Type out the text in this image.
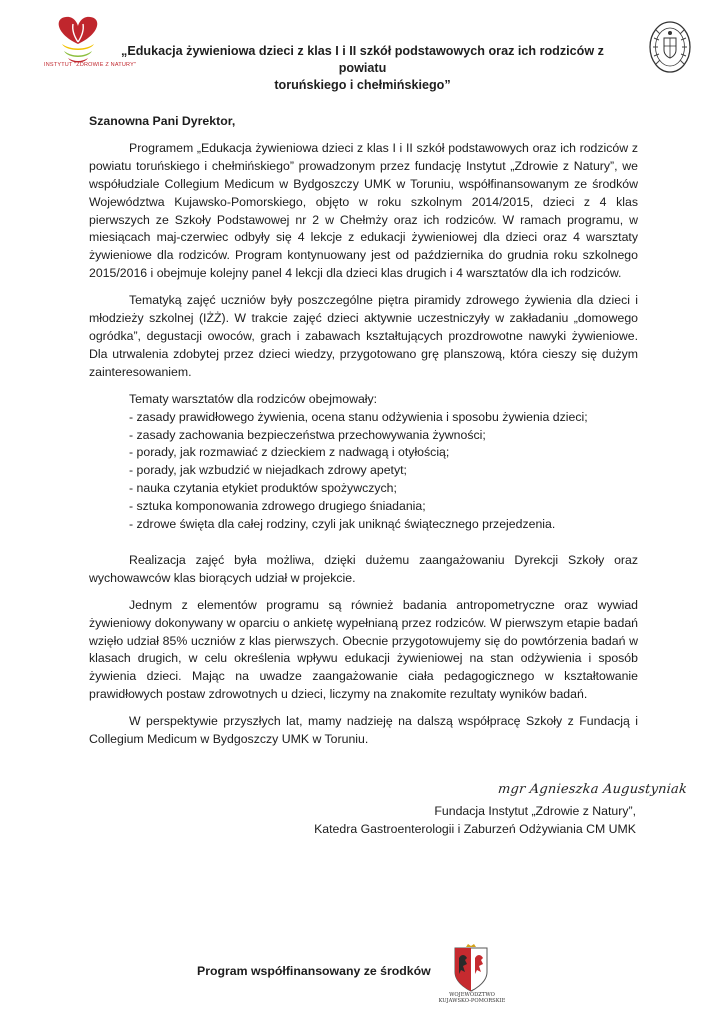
INSTYTUT "ZDROWIE Z NATURY"
„Edukacja żywieniowa dzieci z klas I i II szkół podstawowych oraz ich rodziców z powiatu
toruńskiego i chełmińskiego”

Szanowna Pani Dyrektor,

Programem „Edukacja żywieniowa dzieci z klas I i II szkół podstawowych oraz ich rodziców z powiatu toruńskiego i chełmińskiego” prowadzonym przez fundację Instytut „Zdrowie z Natury”, we współudziale Collegium Medicum w Bydgoszczy UMK w Toruniu, współfinansowanym ze środków Województwa Kujawsko-Pomorskiego, objęto w roku szkolnym 2014/2015, dzieci z 4 klas pierwszych ze Szkoły Podstawowej nr 2 w Chełmży oraz ich rodziców. W ramach programu, w miesiącach maj-czerwiec odbyły się 4 lekcje z edukacji żywieniowej dla dzieci oraz 4 warsztaty żywieniowe dla rodziców. Program kontynuowany jest od października do grudnia roku szkolnego 2015/2016 i obejmuje kolejny panel 4 lekcji dla dzieci klas drugich i 4 warsztatów dla ich rodziców.

Tematyką zajęć uczniów były poszczególne piętra piramidy zdrowego żywienia dla dzieci i młodzieży szkolnej (IŻŻ). W trakcie zajęć dzieci aktywnie uczestniczyły w zakładaniu „domowego ogródka”, degustacji owoców, grach i zabawach kształtujących prozdrowotne nawyki żywieniowe. Dla utrwalenia zdobytej przez dzieci wiedzy, przygotowano grę planszową, która cieszy się dużym zainteresowaniem.

Tematy warsztatów dla rodziców obejmowały:

- zasady prawidłowego żywienia, ocena stanu odżywienia i sposobu żywienia dzieci;

- zasady zachowania bezpieczeństwa przechowywania żywności;

- porady, jak rozmawiać z dzieckiem z nadwagą i otyłością;

- porady, jak wzbudzić w niejadkach zdrowy apetyt;

- nauka czytania etykiet produktów spożywczych;

- sztuka komponowania zdrowego drugiego śniadania;

- zdrowe święta dla całej rodziny, czyli jak uniknąć świątecznego przejedzenia.

Realizacja zajęć była możliwa, dzięki dużemu zaangażowaniu Dyrekcji Szkoły oraz wychowawców klas biorących udział w projekcie.

Jednym z elementów programu są również badania antropometryczne oraz wywiad żywieniowy dokonywany w oparciu o ankietę wypełnianą przez rodziców. W pierwszym etapie badań wzięło udział 85% uczniów z klas pierwszych. Obecnie przygotowujemy się do powtórzenia badań w klasach drugich, w celu określenia wpływu edukacji żywieniowej na stan odżywienia i sposób żywienia dzieci. Mając na uwadze zaangażowanie ciała pedagogicznego w kształtowanie prawidłowych postaw zdrowotnych u dzieci, liczymy na znakomite rezultaty wyników badań.

W perspektywie przyszłych lat, mamy nadzieję na dalszą współpracę Szkoły z Fundacją i Collegium Medicum w Bydgoszczy UMK w Toruniu.

mgr Agnieszka Augustyniak
Fundacja Instytut „Zdrowie z Natury”,
Katedra Gastroenterologii i Zaburzeń Odżywiania CM UMK
Program współfinansowany ze środków
WOJEWÓDZTWO
KUJAWSKO-POMORSKIE
